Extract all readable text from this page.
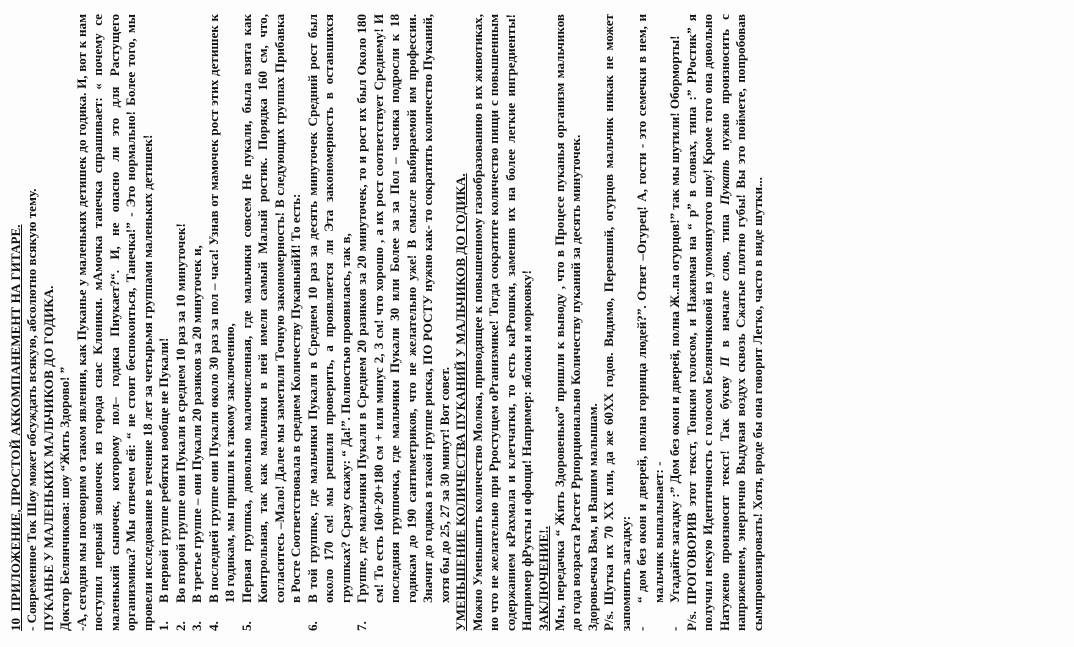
10_ПРИЛОЖЕНИЕ, ПРОСТОЙ АККОМПАНЕМЕНТ НА ГИТАРЕ. - Современное Ток Шоу может обсуждать всякую, абсолютно всякую тему. ПУКАНЬЕ У МАЛЕНЬКИХ МАЛЬЧИКОВ ДО ГОДИКА. Доктор Белянчикова: шоу “Жить Здорово! ” -А, сегодня мы поговорим о таком явлении, как Пуканье у маленьких детишек до годика. И, вот к нам поступил первый звоночек из города снас Клоники. мАмочка танечка спрашивает: « почему се маленький сыночек, которому пол– годика Пиукает?“. И, не опасно ли это для Растущего организмика? Мы отвечем ей: “ не стоит беспокоиться, Танечка!” - Это нормально! Более того, мы провели исследование в течение 18 лет за четырьмя группами маленьких детишек! 1.
В первой группе ребятки вообще не Пукали!
2.
Во второй группе они Пукали в среднем 10 раз за 10 минуточек!
3.
В третье группе – они Пукали 20 разиков за 20 минуточек и,
4.
В последней группе они Пукали около 30 раз за пол – часа! Узнав от мамочек рост этих детишек к 18 годикам, мы пришли к такому заключению,
5.
Первая группка, довольно малочисленная, где мальчики совсем Не пукали, была взята как Контрольная, так как мальчики в ней имели самый Малый ростик. Порядка 160 см, что, согласитесь –Мало! Далее мы заметили Точную закономерность! В следующих группах Прибавка в Росте Соответствовала в среднем Количеству ПуканьийИ! То есть:
6.
В той группке, где мальчики Пукали в Среднем 10 раз за десять минуточек Средний рост был около 170 см! мы решили проверить, а проявляется ли Эта закономерность в оставшихся группках? Сразу скажу: “ Да!”. Полностью проявилась, так в,
7.
Группе, где мальчики Пукали в Среднем 20 разиков за 20 минуточек, то и рост их был Около 180 см! То есть 160+20+180 см + или минус 2, 3 см! что хорошо , а их рост соответствует Среднему! И последняя группочка, где мальчики Пукали 30 или Более за за Пол – часика подросли к 18 годикам до 190 сантиметриков, что не желательно уже! В смысле выбираемой им профессии. Значит до годика в такой группе риска, ПО РОСТУ нужно как- то сократить количество Пуканий, хотя бы до 25, 27 за 30 минут! Вот совет. УМЕНЬШЕНИЕ КОЛИЧЕСТВА ПУКАНИЙ У МАЛЬЧИКОВ ДО ГОДИКА. Можно Уменьшить количество Молока, приводящее к повышенному газообразованию в их животиках, но что не желательно при Рростущем оРганизмике! Тогда сократите количество пищи с повышенным содержанием кРахмала и клетчатки, то есть каРтошки, заменив их на более легкие ингредиенты! Например фРукты и офощи! Например: яблоки и морковку! ЗАКЛЮЧЕНИЕ!. Мы, передачка “ Жить Здоровенько” пришли к выводу , что в Процесе пуканья организм мальчиков до года возраста Растет Ррпорционально Количеству пуканий за десять минуточек. Здоровьечка Вам, и Вашим малышам. P/s. Шутка их 70 ХХ или, да же 60ХХ годов. Видимо, Перевший, огурцов мальчик никак не может запомнить загадку: -
“ дом без окон и дверей, полна горница людей?”. Ответ –Огурец! А, гости - это семечки в нем, и мальчик выпалывает: -
-
Угадайте загадку :” Дом без окон и дверей, полна Ж..па огурцов!” так мы шутили! Оборморты! P/s. ПРОГОВОРИВ этот текст, Тонким голосом, и Нажимая на “ р” в словах, типа :” РРостик” я получил некую Идентичность с голосом Белянчиковой из упомянутого шоу! Кроме того она довольно Натужено произносит текст! Так букву П в начале слов, типа Пукать нужно произносить с напряжением, энергично Выдувая воздух сквозь Сжатые плотно губы! Вы это поймете, попробовав сымпровизировать! Хотя, вроде бы она говорит Легко, часто в виде шутки...
